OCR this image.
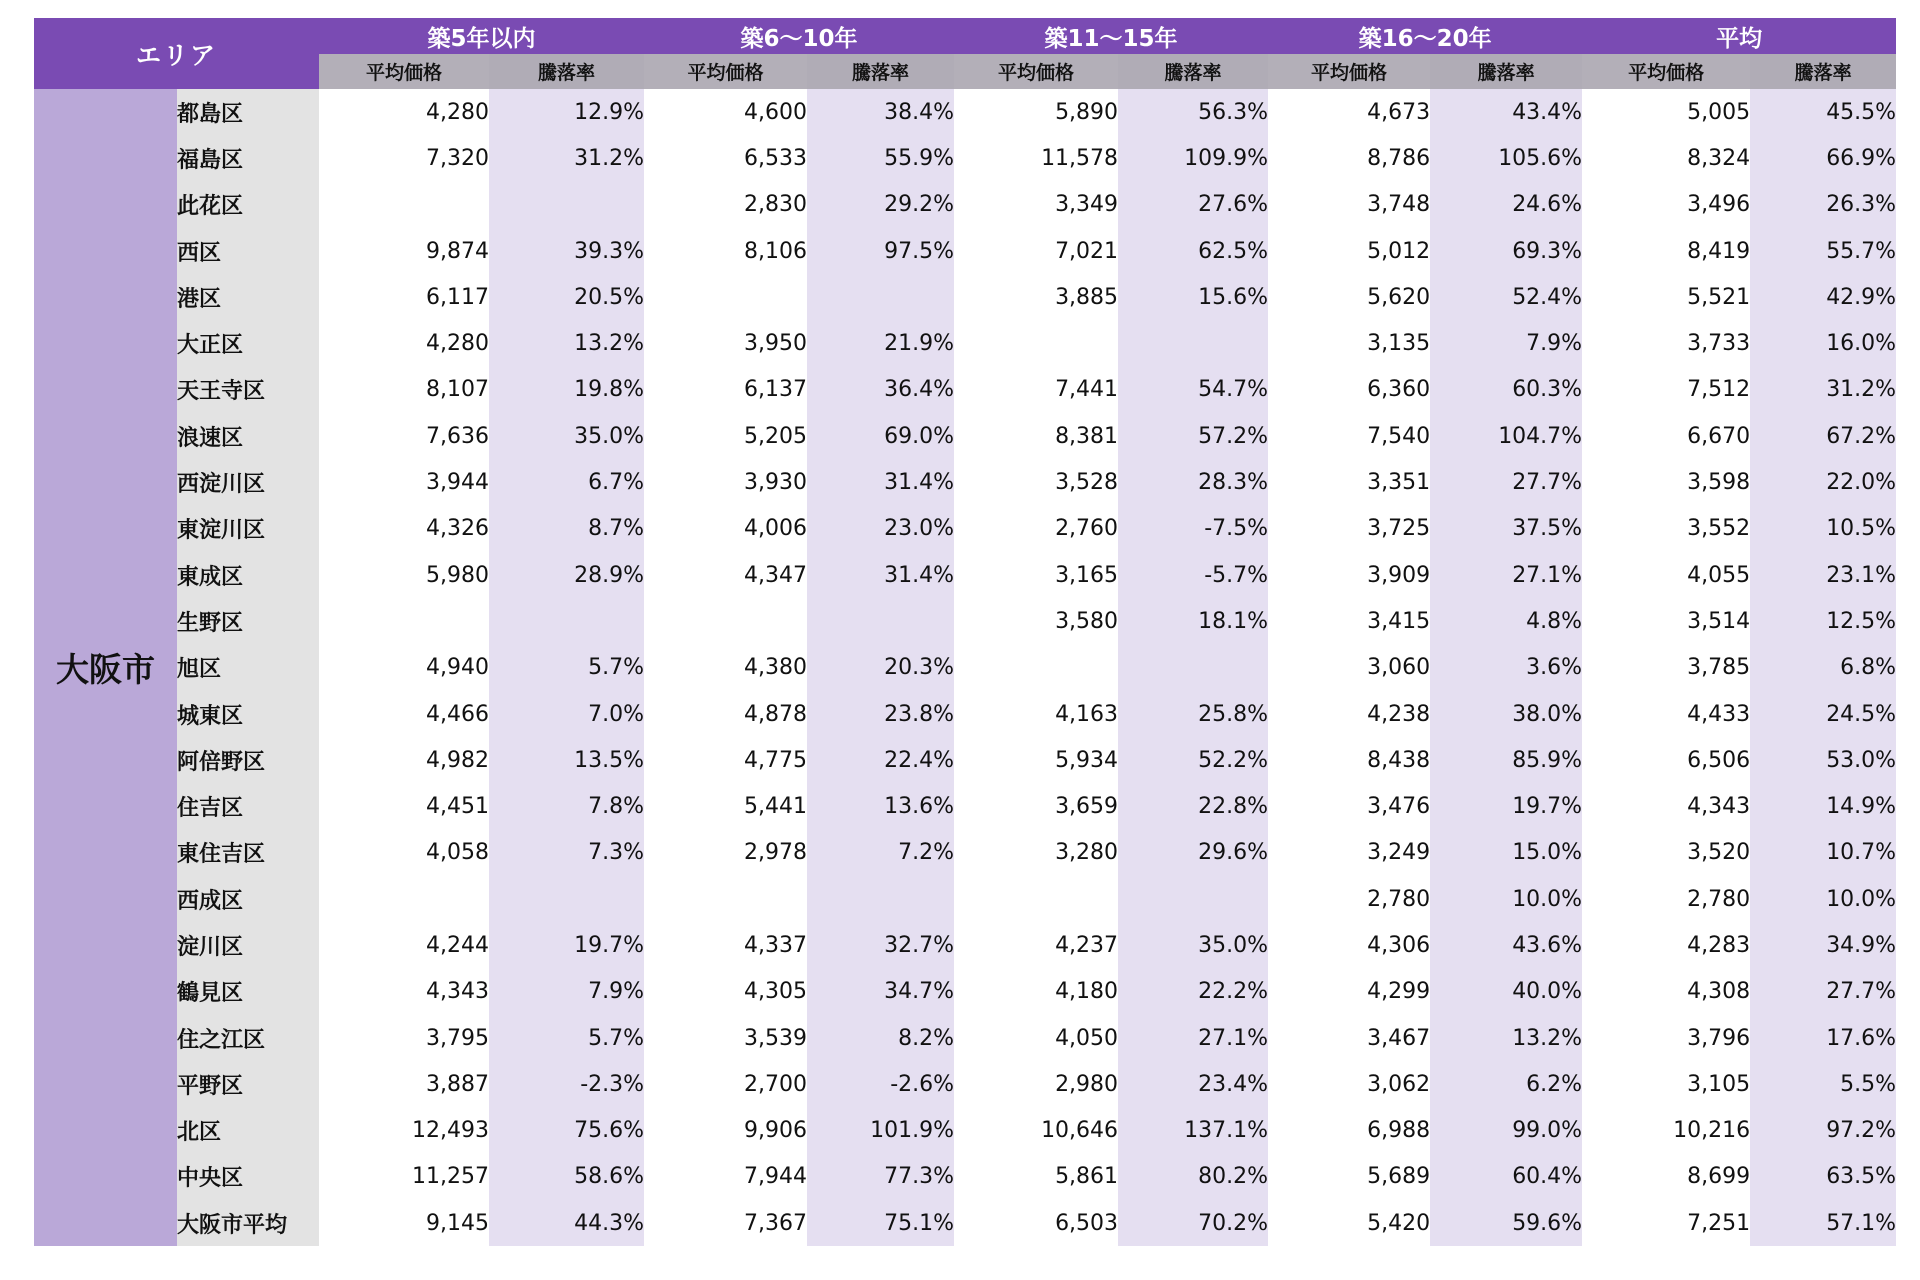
エリア		築5年以内		築6〜10年		築11〜15年		築16〜20年		平均	
		平均価格	騰落率	平均価格	騰落率	平均価格	騰落率	平均価格	騰落率	平均価格	騰落率
大阪市	都島区	4,280	12.9%	4,600	38.4%	5,890	56.3%	4,673	43.4%	5,005	45.5%
	福島区	7,320	31.2%	6,533	55.9%	11,578	109.9%	8,786	105.6%	8,324	66.9%
	此花区			2,830	29.2%	3,349	27.6%	3,748	24.6%	3,496	26.3%
	西区	9,874	39.3%	8,106	97.5%	7,021	62.5%	5,012	69.3%	8,419	55.7%
	港区	6,117	20.5%			3,885	15.6%	5,620	52.4%	5,521	42.9%
	大正区	4,280	13.2%	3,950	21.9%			3,135	7.9%	3,733	16.0%
	天王寺区	8,107	19.8%	6,137	36.4%	7,441	54.7%	6,360	60.3%	7,512	31.2%
	浪速区	7,636	35.0%	5,205	69.0%	8,381	57.2%	7,540	104.7%	6,670	67.2%
	西淀川区	3,944	6.7%	3,930	31.4%	3,528	28.3%	3,351	27.7%	3,598	22.0%
	東淀川区	4,326	8.7%	4,006	23.0%	2,760	-7.5%	3,725	37.5%	3,552	10.5%
	東成区	5,980	28.9%	4,347	31.4%	3,165	-5.7%	3,909	27.1%	4,055	23.1%
	生野区					3,580	18.1%	3,415	4.8%	3,514	12.5%
	旭区	4,940	5.7%	4,380	20.3%			3,060	3.6%	3,785	6.8%
	城東区	4,466	7.0%	4,878	23.8%	4,163	25.8%	4,238	38.0%	4,433	24.5%
	阿倍野区	4,982	13.5%	4,775	22.4%	5,934	52.2%	8,438	85.9%	6,506	53.0%
	住吉区	4,451	7.8%	5,441	13.6%	3,659	22.8%	3,476	19.7%	4,343	14.9%
	東住吉区	4,058	7.3%	2,978	7.2%	3,280	29.6%	3,249	15.0%	3,520	10.7%
	西成区							2,780	10.0%	2,780	10.0%
	淀川区	4,244	19.7%	4,337	32.7%	4,237	35.0%	4,306	43.6%	4,283	34.9%
	鶴見区	4,343	7.9%	4,305	34.7%	4,180	22.2%	4,299	40.0%	4,308	27.7%
	住之江区	3,795	5.7%	3,539	8.2%	4,050	27.1%	3,467	13.2%	3,796	17.6%
	平野区	3,887	-2.3%	2,700	-2.6%	2,980	23.4%	3,062	6.2%	3,105	5.5%
	北区	12,493	75.6%	9,906	101.9%	10,646	137.1%	6,988	99.0%	10,216	97.2%
	中央区	11,257	58.6%	7,944	77.3%	5,861	80.2%	5,689	60.4%	8,699	63.5%
	大阪市平均	9,145	44.3%	7,367	75.1%	6,503	70.2%	5,420	59.6%	7,251	57.1%
